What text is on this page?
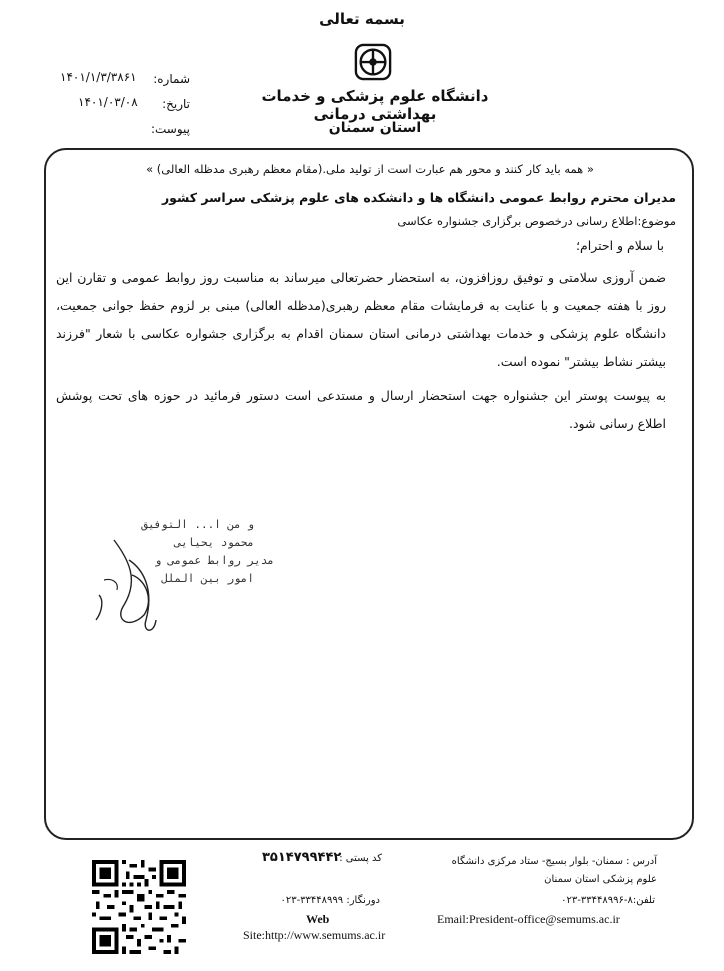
بسمه تعالی
دانشگاه علوم پزشکی و خدمات بهداشتی درمانی
استان سمنان
شماره:
۱۴۰۱/۱/۳/۳۸۶۱
تاریخ:
۱۴۰۱/۰۳/۰۸
پیوست:
« همه باید کار کنند و محور هم عبارت است از تولید ملی.(مقام معظم رهبری مدظله العالی) »
مدیران محترم روابط عمومی دانشگاه ها و دانشکده های علوم پزشکی سراسر کشور
موضوع:اطلاع رسانی درخصوص برگزاری جشنواره عکاسی
با سلام و احترام؛
ضمن آروزی سلامتی و توفیق روزافزون، به استحضار حضرتعالی میرساند به مناسبت روز روابط عمومی و تقارن این روز با هفته جمعیت و با عنایت به فرمایشات مقام معظم رهبری(مدظله العالی) مبنی بر لزوم حفظ جوانی جمعیت، دانشگاه علوم پزشکی و خدمات بهداشتی درمانی استان سمنان اقدام به برگزاری جشواره عکاسی با شعار "فرزند بیشتر نشاط بیشتر" نموده است.
به پیوست پوستر این جشنواره جهت استحضار ارسال و مستدعی است دستور فرمائید در حوزه های تحت پوشش اطلاع رسانی شود.
و من ا... التوفیق
محمود یحیایی
مدیر روابط عمومی و
امور بین الملل
کد پستی :
۳۵۱۴۷۹۹۴۴۲	آدرس : سمنان- بلوار بسیج- ستاد مرکزی دانشگاه علوم پزشکی استان سمنان
تلفن:۸-۳۳۴۴۸۹۹۶-۰۲۳
دورنگار: ۳۳۴۴۸۹۹۹-۰۲۳
Web
Site:http://www.semums.ac.ir
Email:President-office@semums.ac.ir
